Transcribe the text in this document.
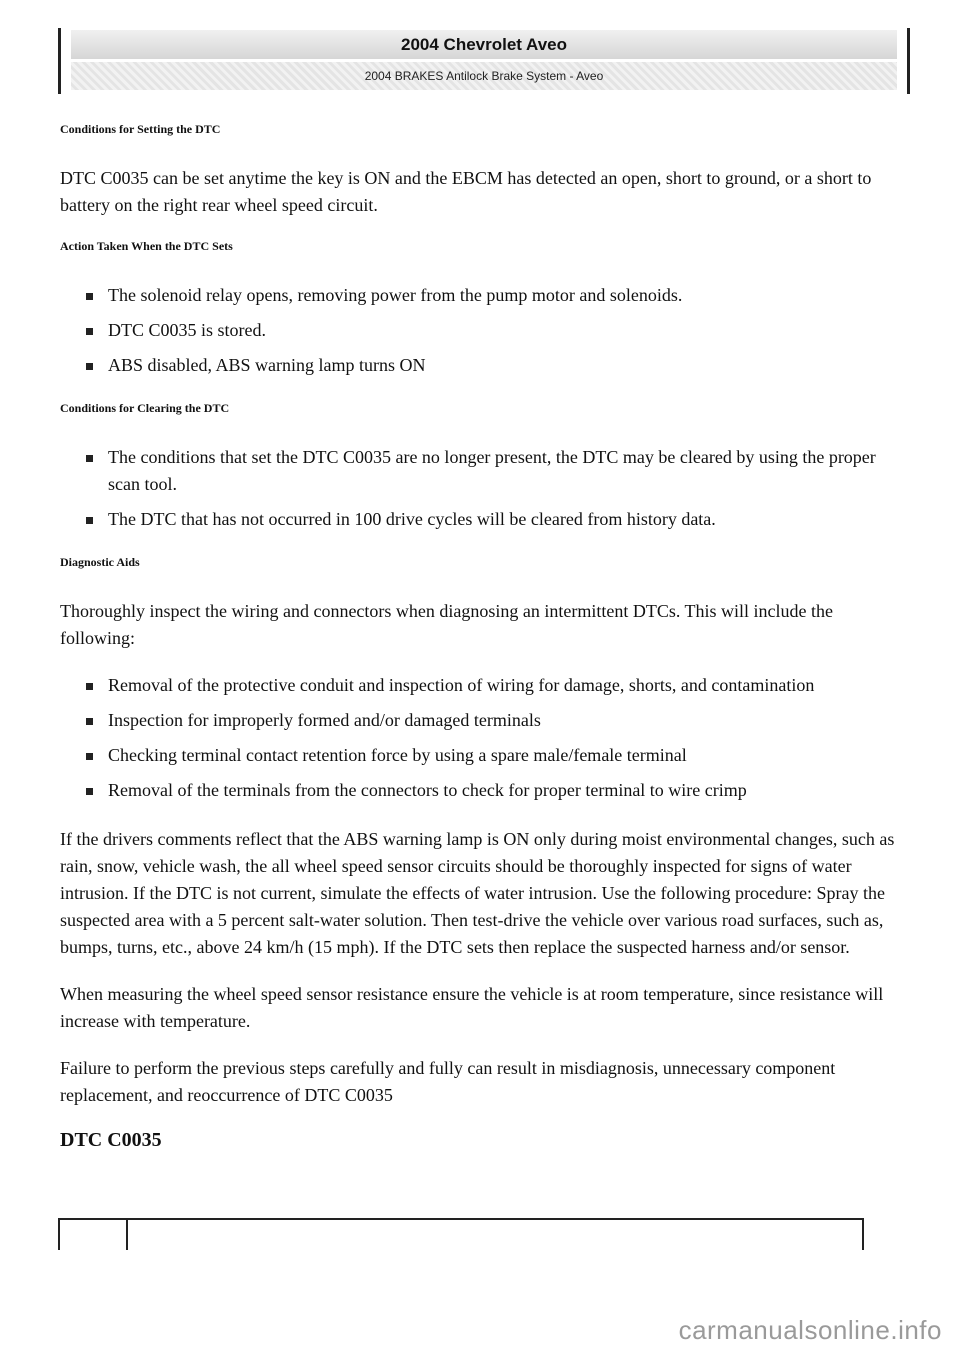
2004 Chevrolet Aveo
2004 BRAKES Antilock Brake System - Aveo
Conditions for Setting the DTC

DTC C0035 can be set anytime the key is ON and the EBCM has detected an open, short to ground, or a short to battery on the right rear wheel speed circuit.

Action Taken When the DTC Sets
The solenoid relay opens, removing power from the pump motor and solenoids.
DTC C0035 is stored.
ABS disabled, ABS warning lamp turns ON
Conditions for Clearing the DTC
The conditions that set the DTC C0035 are no longer present, the DTC may be cleared by using the proper scan tool.
The DTC that has not occurred in 100 drive cycles will be cleared from history data.
Diagnostic Aids

Thoroughly inspect the wiring and connectors when diagnosing an intermittent DTCs. This will include the following:

Removal of the protective conduit and inspection of wiring for damage, shorts, and contamination
Inspection for improperly formed and/or damaged terminals
Checking terminal contact retention force by using a spare male/female terminal
Removal of the terminals from the connectors to check for proper terminal to wire crimp

If the drivers comments reflect that the ABS warning lamp is ON only during moist environmental changes, such as rain, snow, vehicle wash, the all wheel speed sensor circuits should be thoroughly inspected for signs of water intrusion. If the DTC is not current, simulate the effects of water intrusion. Use the following procedure: Spray the suspected area with a 5 percent salt-water solution. Then test-drive the vehicle over various road surfaces, such as, bumps, turns, etc., above 24 km/h (15 mph). If the DTC sets then replace the suspected harness and/or sensor.

When measuring the wheel speed sensor resistance ensure the vehicle is at room temperature, since resistance will increase with temperature.

Failure to perform the previous steps carefully and fully can result in misdiagnosis, unnecessary component replacement, and reoccurrence of DTC C0035

DTC C0035
carmanualsonline.info
